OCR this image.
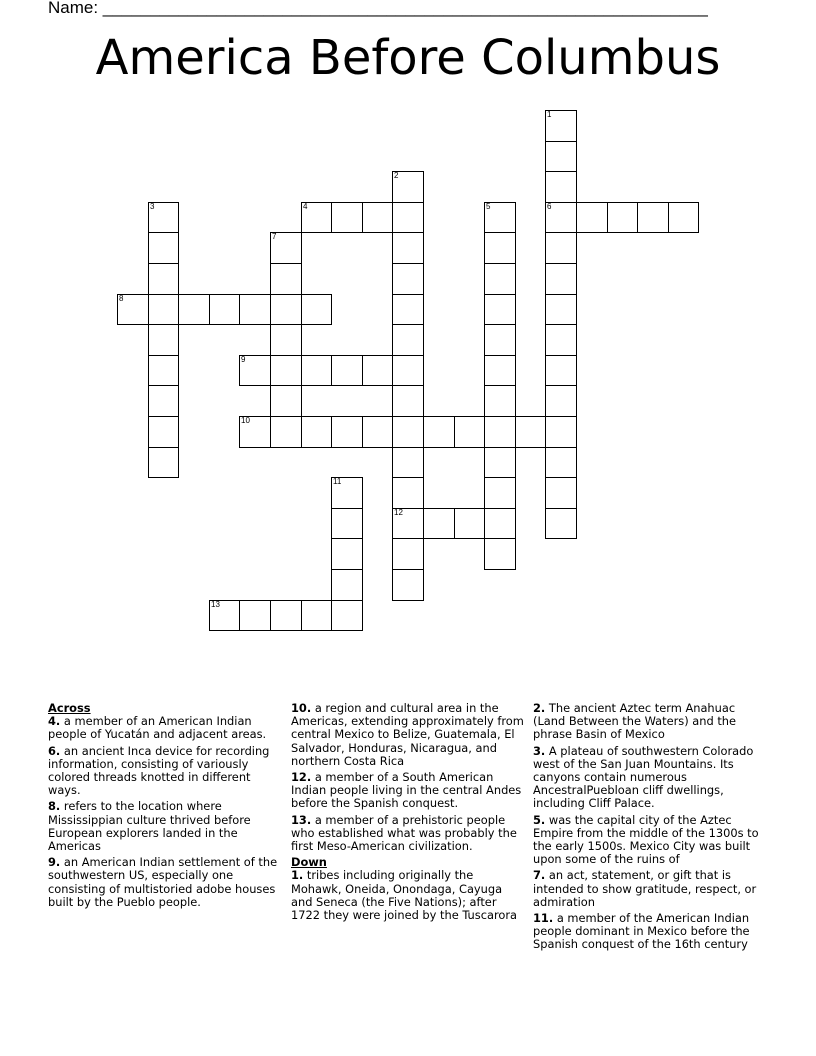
Name: ________________________________________________________________
America Before Columbus
1
6
2
12
3	4	5
7
8
9
10
11
13
Across
4. a member of an American Indian people of Yucatán and adjacent areas.
6. an ancient Inca device for recording information, consisting of variously colored threads knotted in different ways.
8. refers to the location where Mississippian culture thrived before European explorers landed in the Americas
9. an American Indian settlement of the southwestern US, especially one consisting of multistoried adobe houses built by the Pueblo people.
10. a region and cultural area in the Americas, extending approximately from central Mexico to Belize, Guatemala, El Salvador, Honduras, Nicaragua, and northern Costa Rica
12. a member of a South American Indian people living in the central Andes before the Spanish conquest.
13. a member of a prehistoric people who established what was probably the first Meso-American civilization.
Down
1. tribes including originally the Mohawk, Oneida, Onondaga, Cayuga and Seneca (the Five Nations); after 1722 they were joined by the Tuscarora
2. The ancient Aztec term Anahuac (Land Between the Waters) and the phrase Basin of Mexico
3. A plateau of southwestern Colorado west of the San Juan Mountains. Its canyons contain numerous AncestralPuebloan cliff dwellings, including Cliff Palace.
5. was the capital city of the Aztec Empire from the middle of the 1300s to the early 1500s. Mexico City was built upon some of the ruins of
7. an act, statement, or gift that is intended to show gratitude, respect, or admiration
11. a member of the American Indian people dominant in Mexico before the Spanish conquest of the 16th century
